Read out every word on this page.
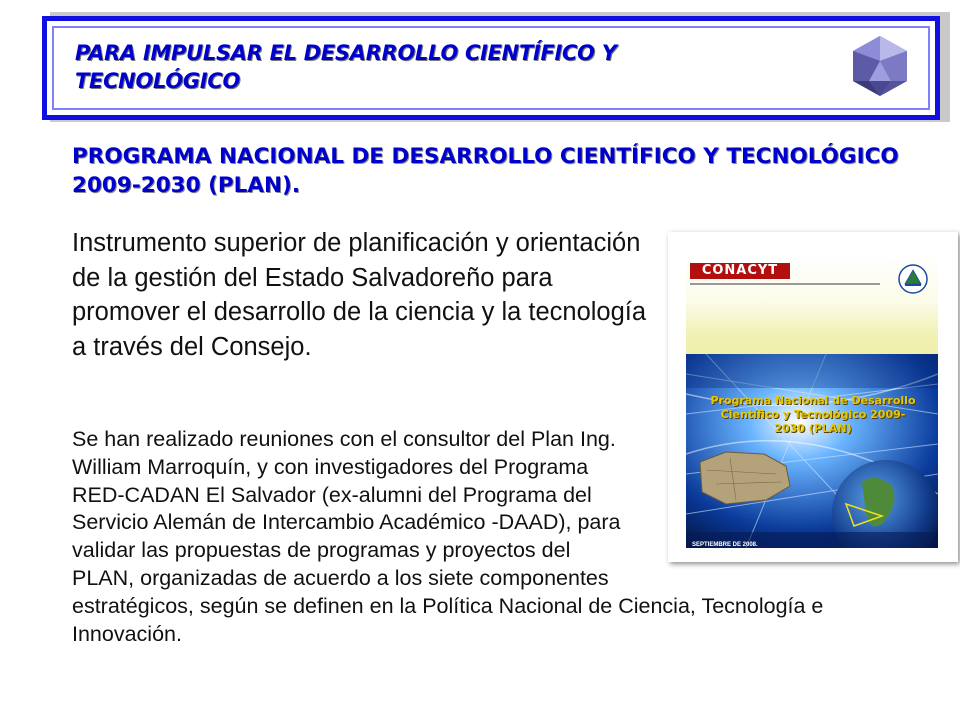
PARA IMPULSAR EL DESARROLLO CIENTÍFICO Y TECNOLÓGICO
PROGRAMA NACIONAL DE DESARROLLO CIENTÍFICO Y TECNOLÓGICO 2009-2030 (PLAN).
Instrumento superior de planificación y orientación de la gestión del Estado Salvadoreño para promover el desarrollo de la ciencia y la tecnología a través del Consejo.
Se han realizado reuniones con el consultor del Plan Ing. William Marroquín, y con investigadores del Programa RED-CADAN El Salvador (ex-alumni del Programa del Servicio Alemán de Intercambio Académico -DAAD), para validar las propuestas de programas y proyectos del PLAN, organizadas de acuerdo a los siete componentes estratégicos, según se definen en la Política Nacional de Ciencia, Tecnología e Innovación.
CONACYT
Programa Nacional de Desarrollo Científico y Tecnológico 2009-2030 (PLAN)
SEPTIEMBRE DE 2008.
